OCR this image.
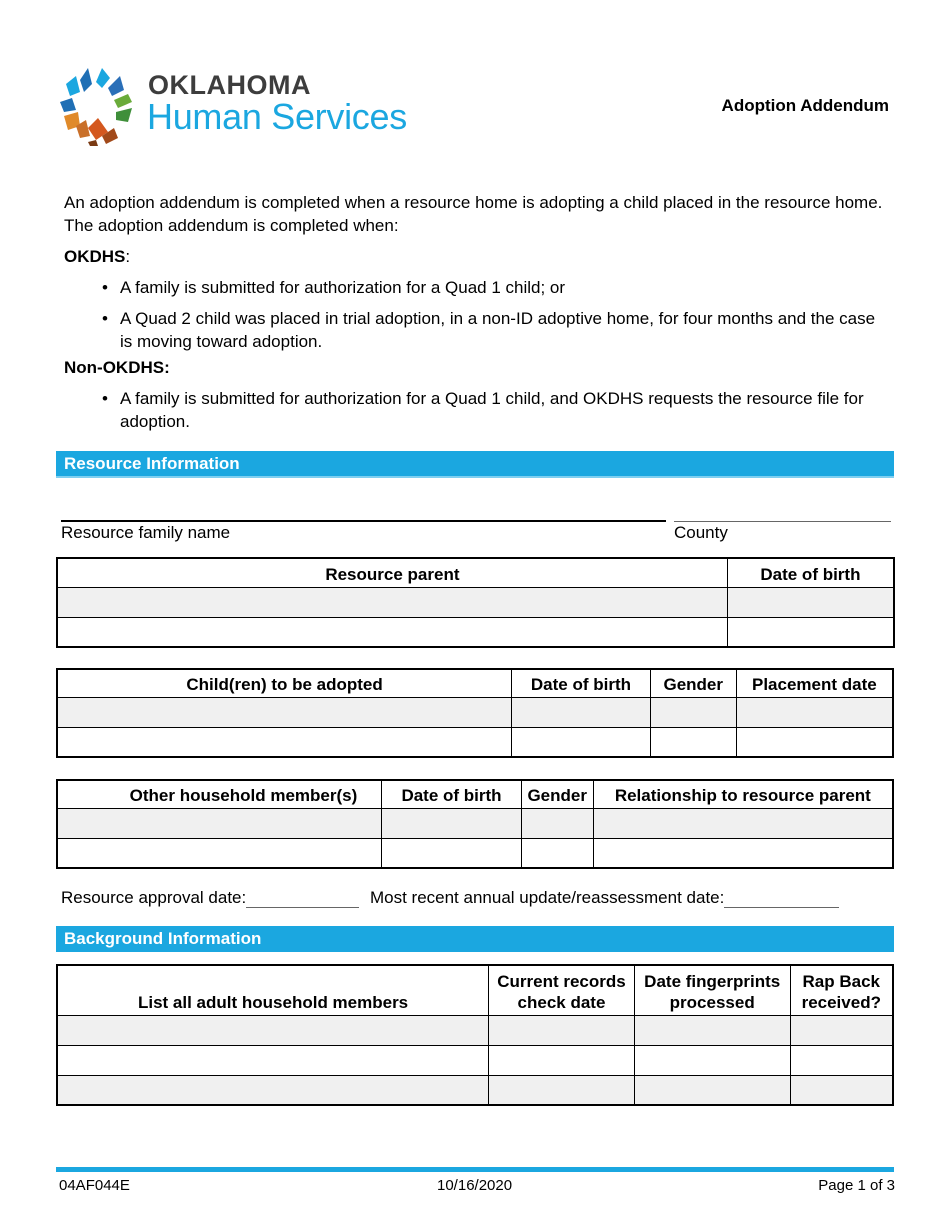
OKLAHOMA
Human Services	Adoption Addendum

An adoption addendum is completed when a resource home is adopting a child placed in the resource home. The adoption addendum is completed when:

OKDHS:
• A family is submitted for authorization for a Quad 1 child; or
• A Quad 2 child was placed in trial adoption, in a non-ID adoptive home, for four months and the case is moving toward adoption.
Non-OKDHS:
• A family is submitted for authorization for a Quad 1 child, and OKDHS requests the resource file for adoption.
Resource Information
Resource family name	County
Resource parent	Date of birth

Child(ren) to be adopted	Date of birth	Gender	Placement date

Other household member(s)	Date of birth	Gender	Relationship to resource parent

Resource approval date:	Most recent annual update/reassessment date:
Background Information
List all adult household members	Current records check date	Date fingerprints processed	Rap Back received?

04AF044E	10/16/2020	Page 1 of 3
